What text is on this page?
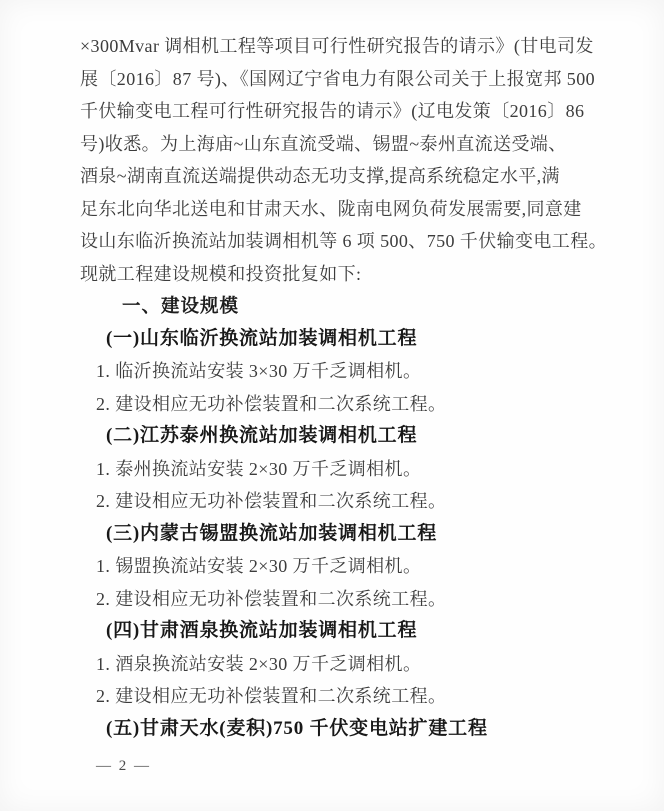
×300Mvar 调相机工程等项目可行性研究报告的请示》(甘电司发

展〔2016〕87 号)、《国网辽宁省电力有限公司关于上报宽邦 500

千伏输变电工程可行性研究报告的请示》(辽电发策〔2016〕86

号)收悉。为上海庙~山东直流受端、锡盟~泰州直流送受端、

酒泉~湖南直流送端提供动态无功支撑,提高系统稳定水平,满

足东北向华北送电和甘肃天水、陇南电网负荷发展需要,同意建

设山东临沂换流站加装调相机等 6 项 500、750 千伏输变电工程。

现就工程建设规模和投资批复如下:

一、建设规模
(一)山东临沂换流站加装调相机工程

1. 临沂换流站安装 3×30 万千乏调相机。

2. 建设相应无功补偿装置和二次系统工程。

(二)江苏泰州换流站加装调相机工程

1. 泰州换流站安装 2×30 万千乏调相机。

2. 建设相应无功补偿装置和二次系统工程。

(三)内蒙古锡盟换流站加装调相机工程

1. 锡盟换流站安装 2×30 万千乏调相机。

2. 建设相应无功补偿装置和二次系统工程。

(四)甘肃酒泉换流站加装调相机工程

1. 酒泉换流站安装 2×30 万千乏调相机。

2. 建设相应无功补偿装置和二次系统工程。

(五)甘肃天水(麦积)750 千伏变电站扩建工程
— 2 —
